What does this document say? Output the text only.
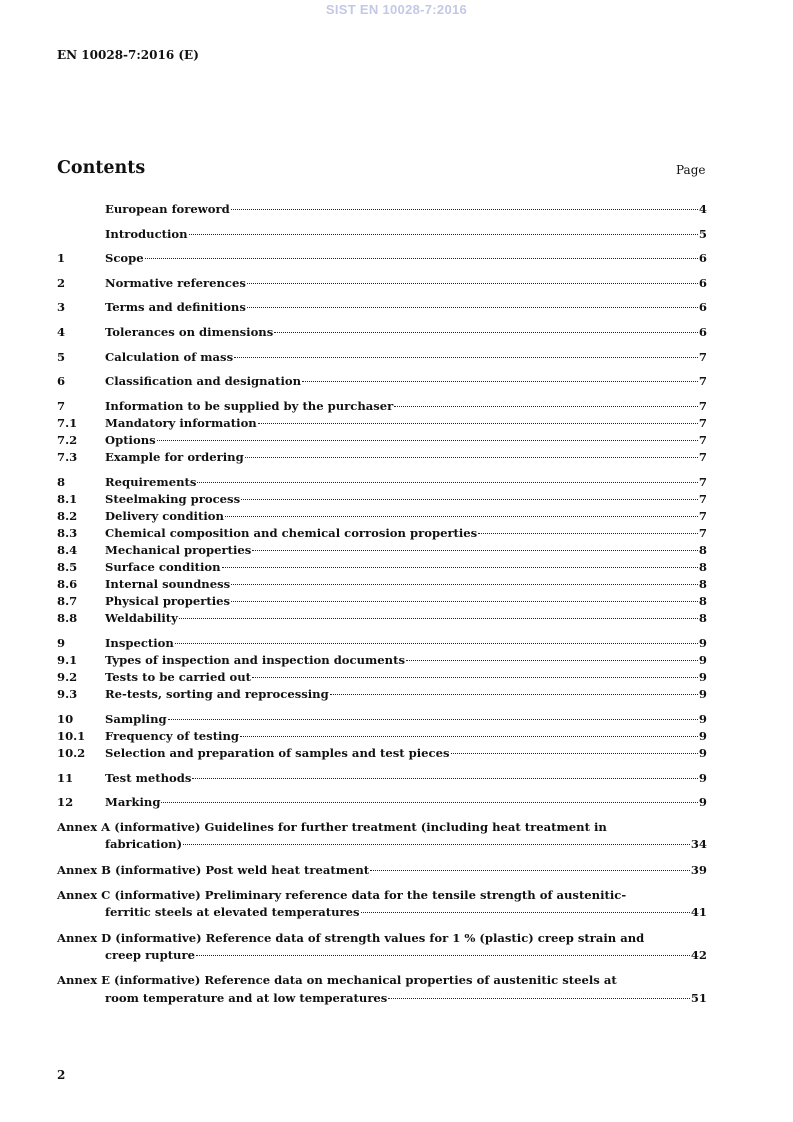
SIST EN 10028-7:2016
EN 10028-7:2016 (E)
Contents	Page
European foreword	4
Introduction	5
1	Scope	6
2	Normative references	6
3	Terms and definitions	6
4	Tolerances on dimensions	6
5	Calculation of mass	7
6	Classification and designation	7
7	Information to be supplied by the purchaser	7
7.1	Mandatory information	7
7.2	Options	7
7.3	Example for ordering	7
8	Requirements	7
8.1	Steelmaking process	7
8.2	Delivery condition	7
8.3	Chemical composition and chemical corrosion properties	7
8.4	Mechanical properties	8
8.5	Surface condition	8
8.6	Internal soundness	8
8.7	Physical properties	8
8.8	Weldability	8
9	Inspection	9
9.1	Types of inspection and inspection documents	9
9.2	Tests to be carried out	9
9.3	Re-tests, sorting and reprocessing	9
10	Sampling	9
10.1	Frequency of testing	9
10.2	Selection and preparation of samples and test pieces	9
11	Test methods	9
12	Marking	9
Annex A (informative) Guidelines for further treatment (including heat treatment in
fabrication)	34
Annex B (informative) Post weld heat treatment	39
Annex C (informative) Preliminary reference data for the tensile strength of austenitic-
ferritic steels at elevated temperatures	41
Annex D (informative) Reference data of strength values for 1 % (plastic) creep strain and
creep rupture	42
Annex E (informative) Reference data on mechanical properties of austenitic steels at
room temperature and at low temperatures	51
2
